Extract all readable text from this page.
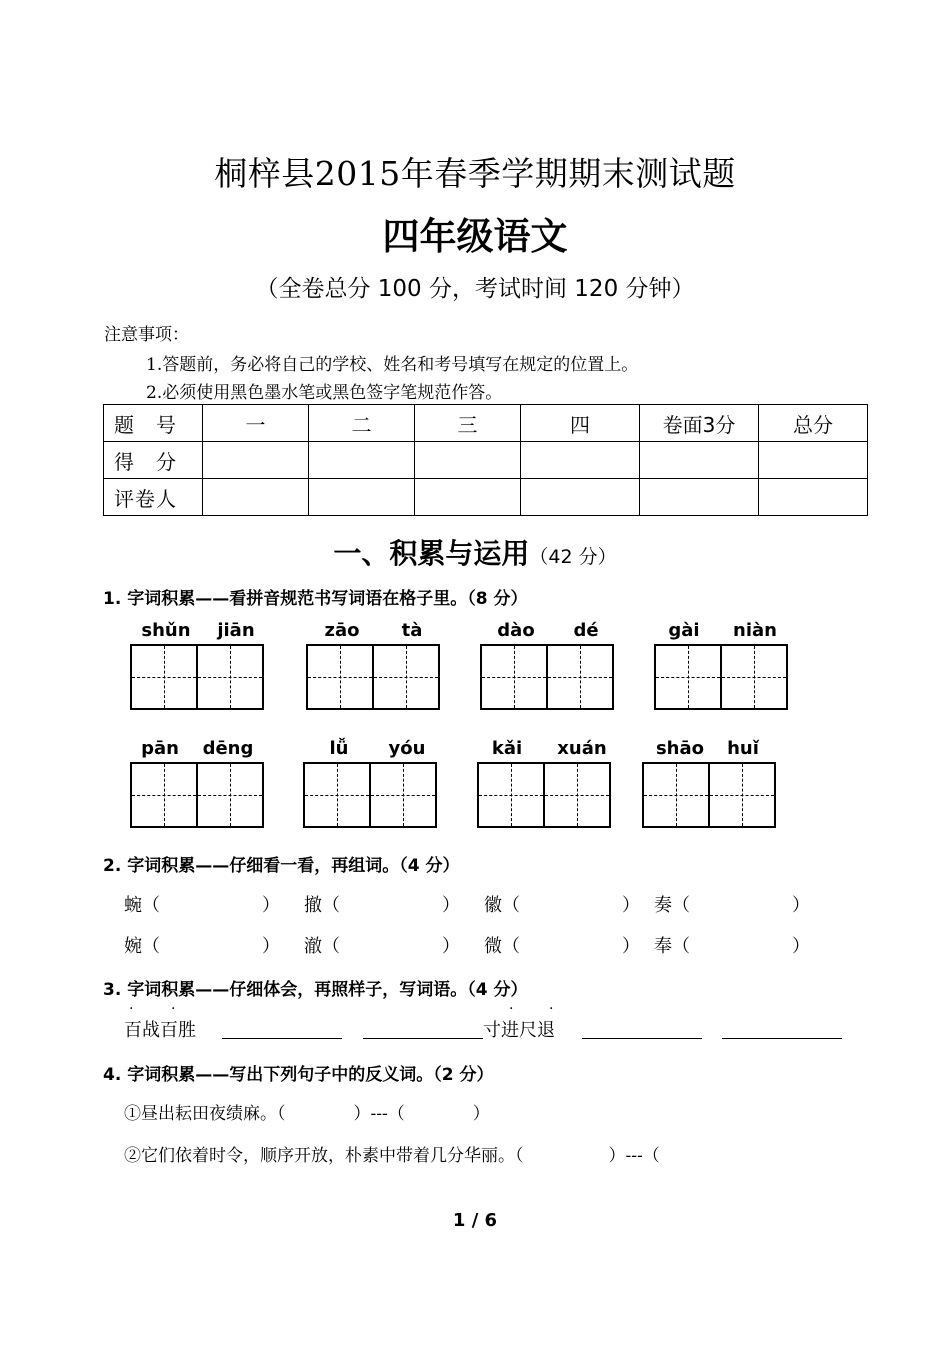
桐梓县2015年春季学期期末测试题
四年级语文
（全卷总分 100 分，考试时间 120 分钟）
注意事项：
1.答题前，务必将自己的学校、姓名和考号填写在规定的位置上。
2.必须使用黑色墨水笔或黑色签字笔规范作答。
题　号	一	二	三	四	卷面3分	总分
得　分						
评卷人						
一、积累与运用（42 分）
1. 字词积累——看拼音规范书写词语在格子里。（8 分）
shǔn	jiān	zāo	tà	dào	dé	gài	niàn
pān	dēng	lǚ	yóu	kǎi	xuán	shāo	huǐ
2. 字词积累——仔细看一看，再组词。（4 分）
蜿（	） 撤（	） 徽（	） 奏（	）
婉（	） 澈（	） 微（	） 奉（	）
3. 字词积累——仔细体会，再照样子，写词语。（4 分）
·	·	·	·
百战百胜	寸进尺退
4. 字词积累——写出下列句子中的反义词。（2 分）
①昼出耘田夜绩麻。（　　　　）---（　　　　）
②它们依着时令，顺序开放，朴素中带着几分华丽。（　　　　　）---（
1 / 6
